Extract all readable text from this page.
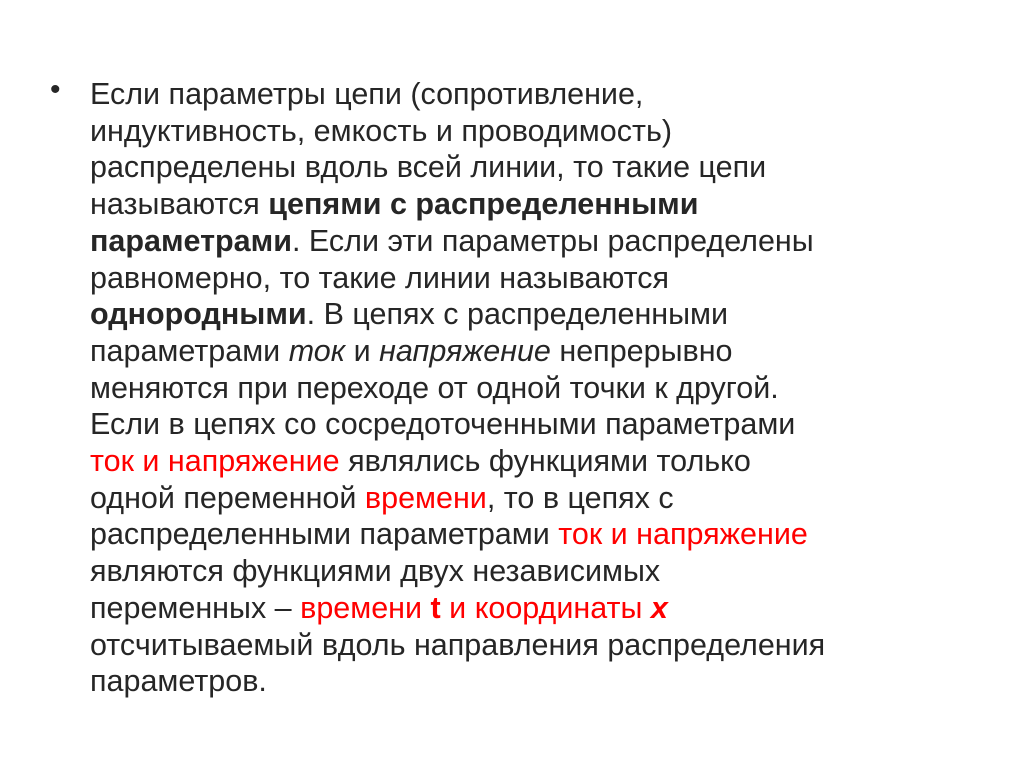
• Если параметры цепи (сопротивление,
индуктивность, емкость и проводимость)
распределены вдоль всей линии, то такие цепи
называются цепями с распределенными
параметрами. Если эти параметры распределены
равномерно, то такие линии называются
однородными. В цепях с распределенными
параметрами ток и напряжение непрерывно
меняются при переходе от одной точки к другой.
Если в цепях со сосредоточенными параметрами
ток и напряжение являлись функциями только
одной переменной времени, то в цепях с
распределенными параметрами ток и напряжение
являются функциями двух независимых
переменных – времени t и координаты x
отсчитываемый вдоль направления распределения
параметров.
